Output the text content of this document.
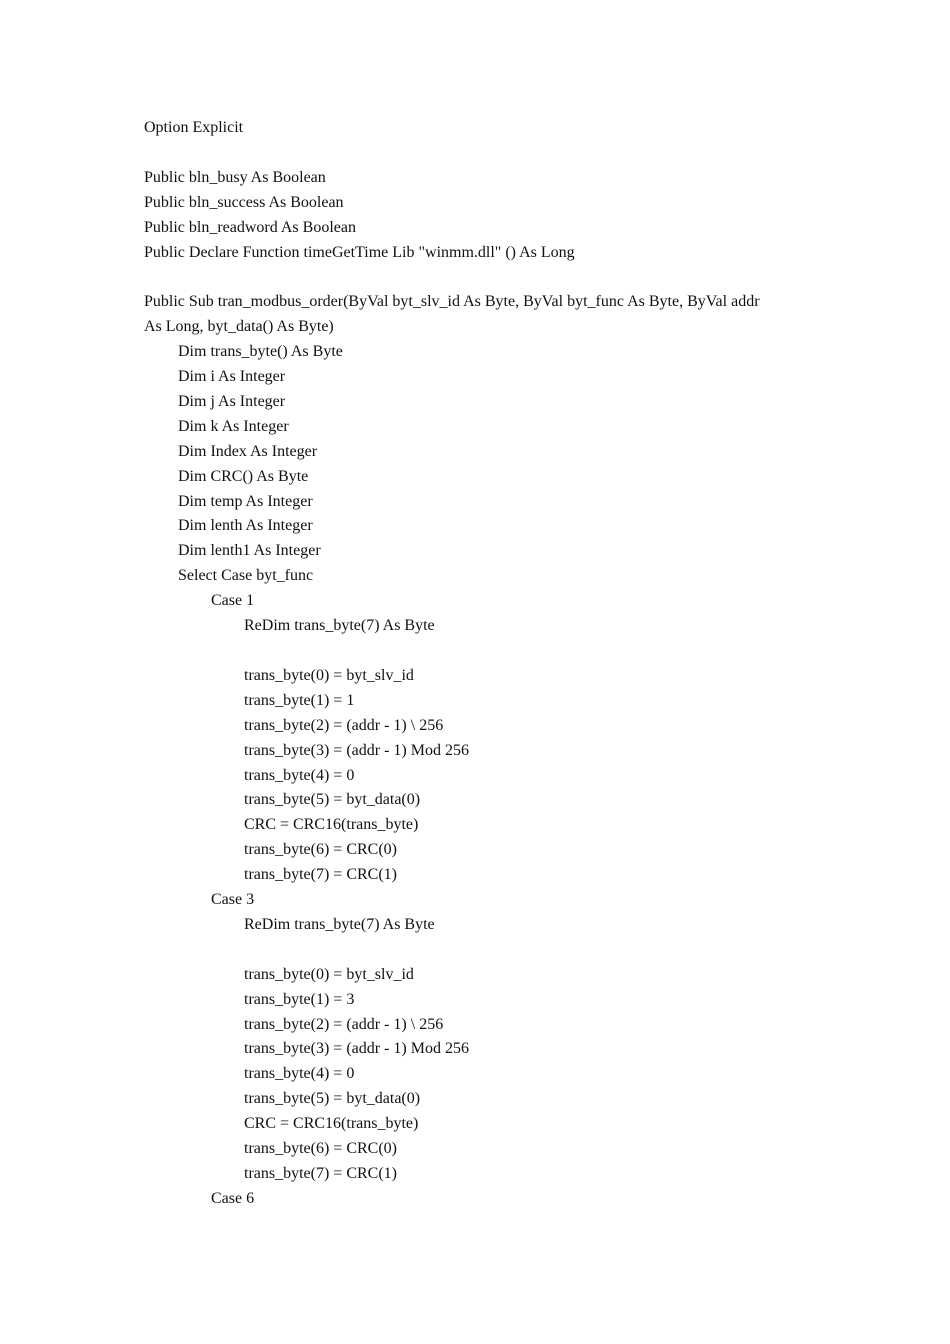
Option Explicit
Public bln_busy As Boolean
Public bln_success As Boolean
Public bln_readword As Boolean
Public Declare Function timeGetTime Lib "winmm.dll" () As Long
Public Sub tran_modbus_order(ByVal byt_slv_id As Byte, ByVal byt_func As Byte, ByVal addr
As Long, byt_data() As Byte)
Dim trans_byte() As Byte
Dim i As Integer
Dim j As Integer
Dim k As Integer
Dim Index As Integer
Dim CRC() As Byte
Dim temp As Integer
Dim lenth As Integer
Dim lenth1 As Integer
Select Case byt_func
Case 1
ReDim trans_byte(7) As Byte
trans_byte(0) = byt_slv_id
trans_byte(1) = 1
trans_byte(2) = (addr - 1) \ 256
trans_byte(3) = (addr - 1) Mod 256
trans_byte(4) = 0
trans_byte(5) = byt_data(0)
CRC = CRC16(trans_byte)
trans_byte(6) = CRC(0)
trans_byte(7) = CRC(1)
Case 3
ReDim trans_byte(7) As Byte
trans_byte(0) = byt_slv_id
trans_byte(1) = 3
trans_byte(2) = (addr - 1) \ 256
trans_byte(3) = (addr - 1) Mod 256
trans_byte(4) = 0
trans_byte(5) = byt_data(0)
CRC = CRC16(trans_byte)
trans_byte(6) = CRC(0)
trans_byte(7) = CRC(1)
Case 6
